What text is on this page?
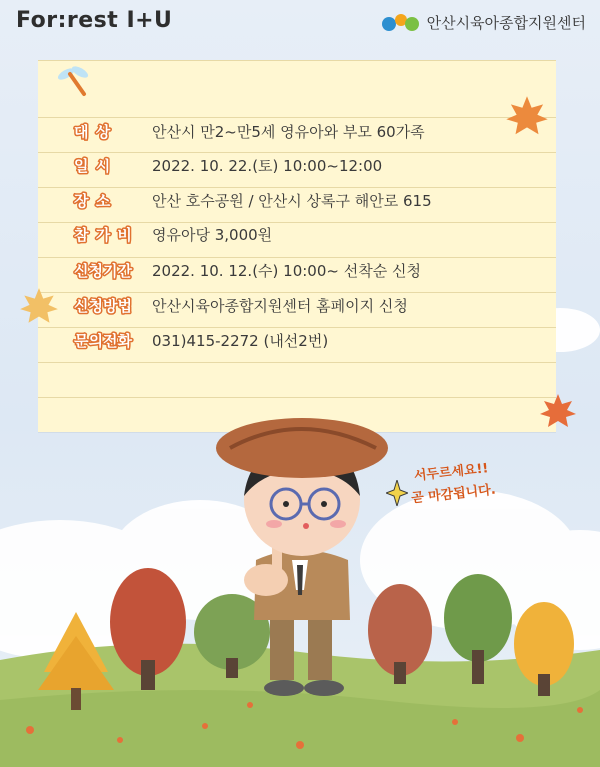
For:rest I+U	안산시육아종합지원센터
대 상	안산시 만2~만5세 영유아와 부모 60가족
일 시	2022. 10. 22.(토) 10:00~12:00
장 소	안산 호수공원 / 안산시 상록구 해안로 615
참 가 비	영유아당 3,000원
신청기간	2022. 10. 12.(수) 10:00~ 선착순 신청
신청방법	안산시육아종합지원센터 홈페이지 신청
문의전화	031)415-2272 (내선2번)
서두르세요!!
곧 마감됩니다.
